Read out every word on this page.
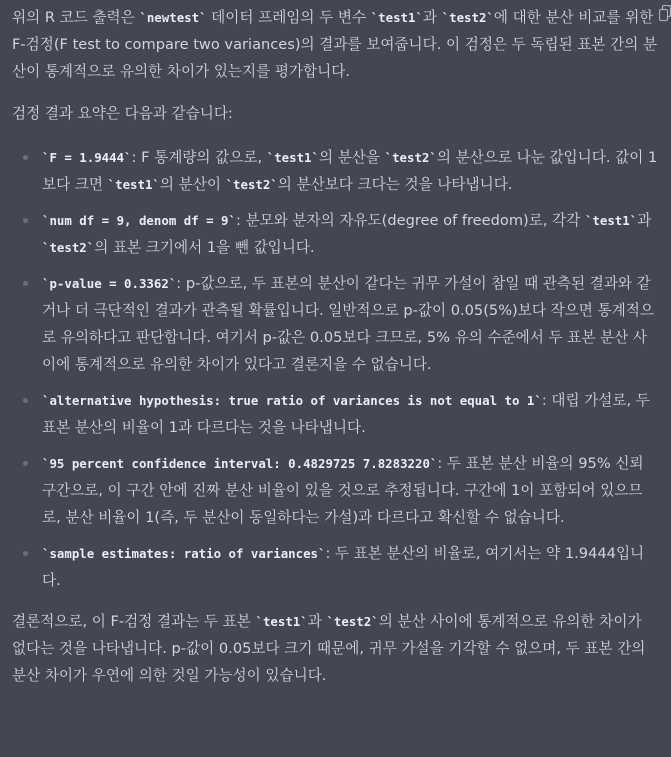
위의 R 코드 출력은 `newtest` 데이터 프레임의 두 변수 `test1`과 `test2`에 대한 분산 비교를 위한 F-검정(F test to compare two variances)의 결과를 보여줍니다. 이 검정은 두 독립된 표본 간의 분산이 통계적으로 유의한 차이가 있는지를 평가합니다.

검정 결과 요약은 다음과 같습니다:

`F = 1.9444`: F 통계량의 값으로, `test1`의 분산을 `test2`의 분산으로 나눈 값입니다. 값이 1보다 크면 `test1`의 분산이 `test2`의 분산보다 크다는 것을 나타냅니다.
`num df = 9, denom df = 9`: 분모와 분자의 자유도(degree of freedom)로, 각각 `test1`과 `test2`의 표본 크기에서 1을 뺀 값입니다.
`p-value = 0.3362`: p-값으로, 두 표본의 분산이 같다는 귀무 가설이 참일 때 관측된 결과와 같거나 더 극단적인 결과가 관측될 확률입니다. 일반적으로 p-값이 0.05(5%)보다 작으면 통계적으로 유의하다고 판단합니다. 여기서 p-값은 0.05보다 크므로, 5% 유의 수준에서 두 표본 분산 사이에 통계적으로 유의한 차이가 있다고 결론지을 수 없습니다.
`alternative hypothesis: true ratio of variances is not equal to 1`: 대립 가설로, 두 표본 분산의 비율이 1과 다르다는 것을 나타냅니다.
`95 percent confidence interval: 0.4829725 7.8283220`: 두 표본 분산 비율의 95% 신뢰 구간으로, 이 구간 안에 진짜 분산 비율이 있을 것으로 추정됩니다. 구간에 1이 포함되어 있으므로, 분산 비율이 1(즉, 두 분산이 동일하다는 가설)과 다르다고 확신할 수 없습니다.
`sample estimates: ratio of variances`: 두 표본 분산의 비율로, 여기서는 약 1.9444입니다.

결론적으로, 이 F-검정 결과는 두 표본 `test1`과 `test2`의 분산 사이에 통계적으로 유의한 차이가 없다는 것을 나타냅니다. p-값이 0.05보다 크기 때문에, 귀무 가설을 기각할 수 없으며, 두 표본 간의 분산 차이가 우연에 의한 것일 가능성이 있습니다.
